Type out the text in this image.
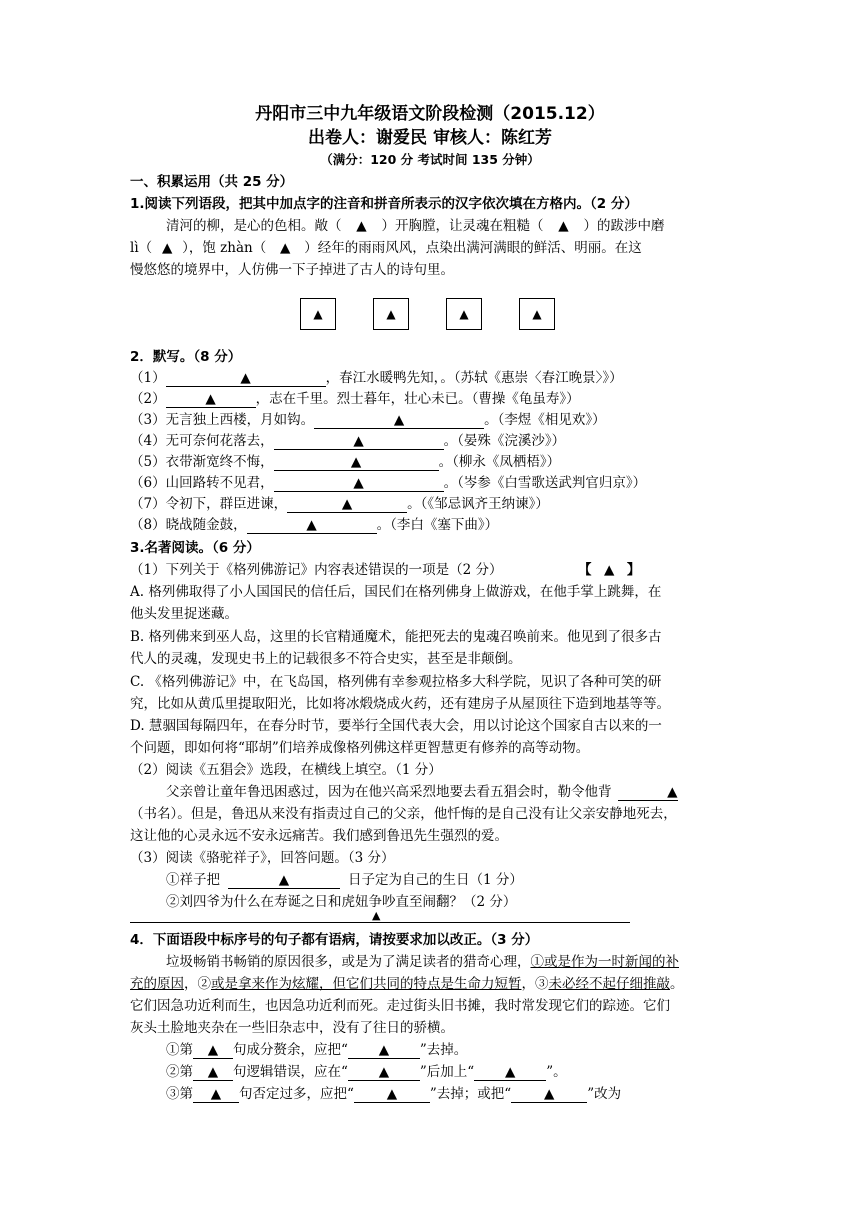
丹阳市三中九年级语文阶段检测（2015.12）
出卷人：谢爱民 审核人：陈红芳
（满分：120 分 考试时间 135 分钟）
一、积累运用（共 25 分）
1.阅读下列语段，把其中加点字的注音和拼音所表示的汉字依次填在方格内。（2 分）
清河的柳，是心的色相。敞（ ▲ ）开胸膛，让灵魂在粗糙（ ▲ ）的跋涉中磨
lì（ ▲ ），饱 zhàn（ ▲ ）经年的雨雨风风，点染出满河满眼的鲜活、明丽。在这
慢悠悠的境界中，人仿佛一下子掉进了古人的诗句里。
▲	▲	▲	▲
2．默写。（8 分）
（1）	▲	，春江水暖鸭先知，。（苏轼《惠崇〈春江晚景〉》）
（2）	▲	，志在千里。烈士暮年，壮心未已。（曹操《龟虽寿》）
（3）无言独上西楼，月如钩。	▲	。（李煜《相见欢》）
（4）无可奈何花落去，	▲	。（晏殊《浣溪沙》）
（5）衣带渐宽终不悔，	▲	。（柳永《凤栖梧》）
（6）山回路转不见君，	▲	。（岑参《白雪歌送武判官归京》）
（7）令初下，群臣进谏，	▲	。（《邹忌讽齐王纳谏》）
（8）晓战随金鼓，	▲	。（李白《塞下曲》）
3.名著阅读。（6 分）
（1）下列关于《格列佛游记》内容表述错误的一项是（2 分）	【 ▲ 】
A. 格列佛取得了小人国国民的信任后，国民们在格列佛身上做游戏，在他手掌上跳舞，在
他头发里捉迷藏。
B. 格列佛来到巫人岛，这里的长官精通魔术，能把死去的鬼魂召唤前来。他见到了很多古
代人的灵魂，发现史书上的记载很多不符合史实，甚至是非颠倒。
C. 《格列佛游记》中，在飞岛国，格列佛有幸参观拉格多大科学院，见识了各种可笑的研
究，比如从黄瓜里提取阳光，比如将冰煅烧成火药，还有建房子从屋顶往下造到地基等等。
D. 慧骃国每隔四年，在春分时节，要举行全国代表大会，用以讨论这个国家自古以来的一
个问题，即如何将“耶胡”们培养成像格列佛这样更智慧更有修养的高等动物。
（2）阅读《五猖会》选段，在横线上填空。（1 分）
父亲曾让童年鲁迅困惑过，因为在他兴高采烈地要去看五猖会时，勒令他背	▲
（书名）。但是，鲁迅从来没有指责过自己的父亲，他忏悔的是自己没有让父亲安静地死去，
这让他的心灵永远不安永远痛苦。我们感到鲁迅先生强烈的爱。
（3）阅读《骆驼祥子》，回答问题。（3 分）
①祥子把	▲	日子定为自己的生日（1 分）
②刘四爷为什么在寿诞之日和虎妞争吵直至闹翻？（2 分）
▲
4．下面语段中标序号的句子都有语病，请按要求加以改正。（3 分）
垃圾畅销书畅销的原因很多，或是为了满足读者的猎奇心理，①或是作为一时新闻的补
充的原因，②或是拿来作为炫耀，但它们共同的特点是生命力短暂，③未必经不起仔细推敲。
它们因急功近利而生，也因急功近利而死。走过街头旧书摊，我时常发现它们的踪迹。它们
灰头土脸地夹杂在一些旧杂志中，没有了往日的骄横。
①第 ▲ 句成分赘余，应把“ ▲ ”去掉。
②第 ▲ 句逻辑错误，应在“ ▲ ”后加上“ ▲ ”。
③第 ▲ 句否定过多，应把“ ▲ ”去掉；或把“ ▲ ”改为
